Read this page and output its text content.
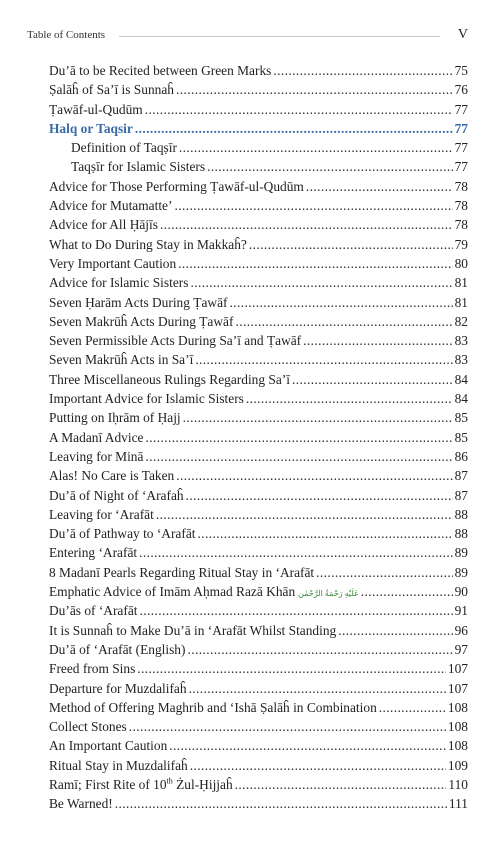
Table of Contents	V
Du’ā to be Recited between Green Marks .....	75
Ṣalāĥ of Sa’ī is Sunnaĥ .....	76
Ṭawāf-ul-Qudūm .....	77
Halq or Taqsir .....	77
Definition of Taqṣīr .....	77
Taqṣīr for Islamic Sisters .....	77
Advice for Those Performing Ṭawāf-ul-Qudūm .....	78
Advice for Mutamatte’ .....	78
Advice for All Ḥājīs .....	78
What to Do During Stay in Makkaĥ? .....	79
Very Important Caution .....	80
Advice for Islamic Sisters .....	81
Seven Ḥarām Acts During Ṭawāf .....	81
Seven Makrūĥ Acts During Ṭawāf .....	82
Seven Permissible Acts During Sa’ī and Ṭawāf .....	83
Seven Makrūĥ Acts in Sa’ī .....	83
Three Miscellaneous Rulings Regarding Sa’ī .....	84
Important Advice for Islamic Sisters .....	84
Putting on Iḥrām of Ḥajj .....	85
A Madanī Advice .....	85
Leaving for Minā .....	86
Alas! No Care is Taken .....	87
Du’ā of Night of ‘Arafaĥ .....	87
Leaving for ‘Arafāt .....	88
Du’ā of Pathway to ‘Arafāt .....	88
Entering ‘Arafāt .....	89
8 Madanī Pearls Regarding Ritual Stay in ‘Arafāt .....	89
Emphatic Advice of Imām Aḥmad Razā Khān عَلَيْهِ رَحْمَةُ الرَّحْمٰن .....	90
Du’ās of ‘Arafāt .....	91
It is Sunnaĥ to Make Du’ā in ‘Arafāt Whilst Standing .....	96
Du’ā of ‘Arafāt (English) .....	97
Freed from Sins .....	107
Departure for Muzdalifaĥ .....	107
Method of Offering Maghrib and ‘Ishā Ṣalāĥ in Combination .....	108
Collect Stones .....	108
An Important Caution .....	108
Ritual Stay in Muzdalifaĥ .....	109
Ramī; First Rite of 10th Żul-Ḥijjaĥ .....	110
Be Warned! .....	111
